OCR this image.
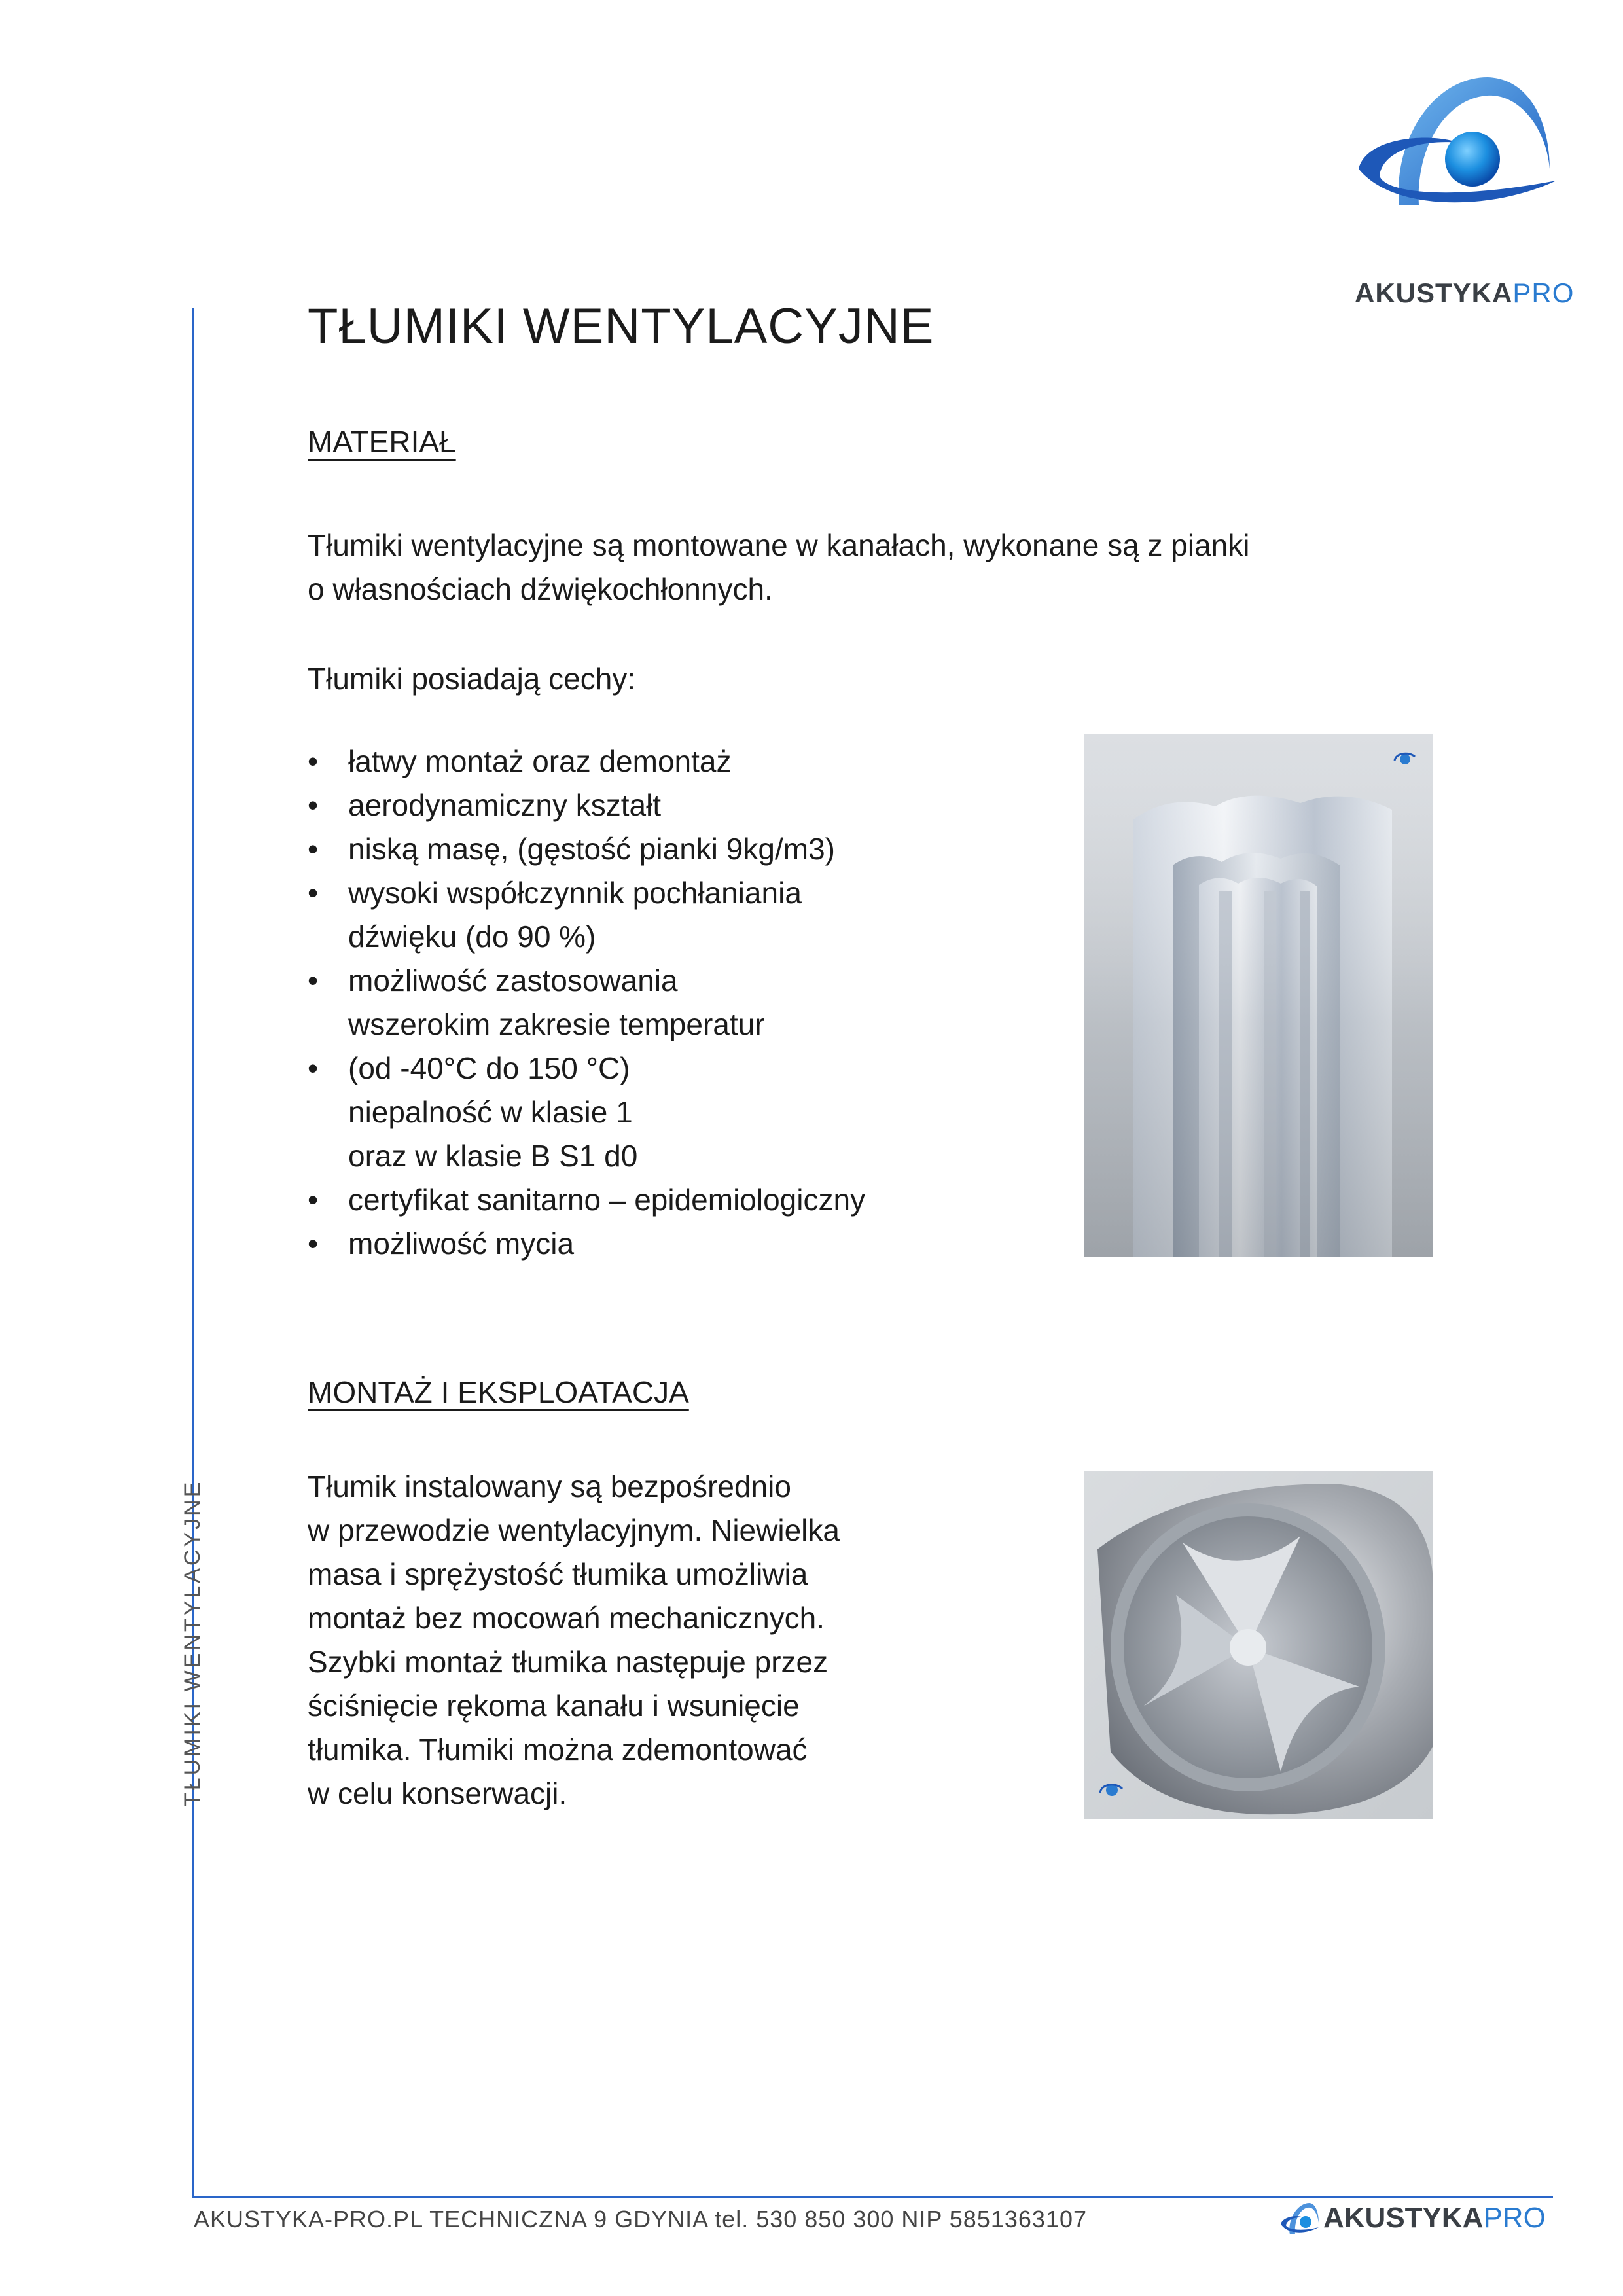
TŁUMIKI WENTYLACYJNE
AKUSTYKAPRO
TŁUMIKI WENTYLACYJNE
MATERIAŁ

Tłumiki wentylacyjne są montowane w kanałach, wykonane są z pianki

o własnościach dźwiękochłonnych.

Tłumiki posiadają cechy:

• łatwy montaż oraz demontaż
• aerodynamiczny kształt
• niską masę, (gęstość pianki 9kg/m3)
• wysoki współczynnik pochłaniania
dźwięku (do 90 %)
• możliwość zastosowania
wszerokim zakresie temperatur
• (od -40°C do 150 °C)
niepalność w klasie 1
oraz w klasie B S1 d0
• certyfikat sanitarno – epidemiologiczny
• możliwość mycia
MONTAŻ I EKSPLOATACJA

Tłumik instalowany są bezpośrednio

w przewodzie wentylacyjnym. Niewielka

masa i sprężystość tłumika umożliwia

montaż bez mocowań mechanicznych.

Szybki montaż tłumika następuje przez

ściśnięcie rękoma kanału i wsunięcie

tłumika. Tłumiki można zdemontować

w celu konserwacji.

AKUSTYKA-PRO.PL TECHNICZNA 9 GDYNIA tel. 530 850 300 NIP 5851363107	AKUSTYKAPRO
